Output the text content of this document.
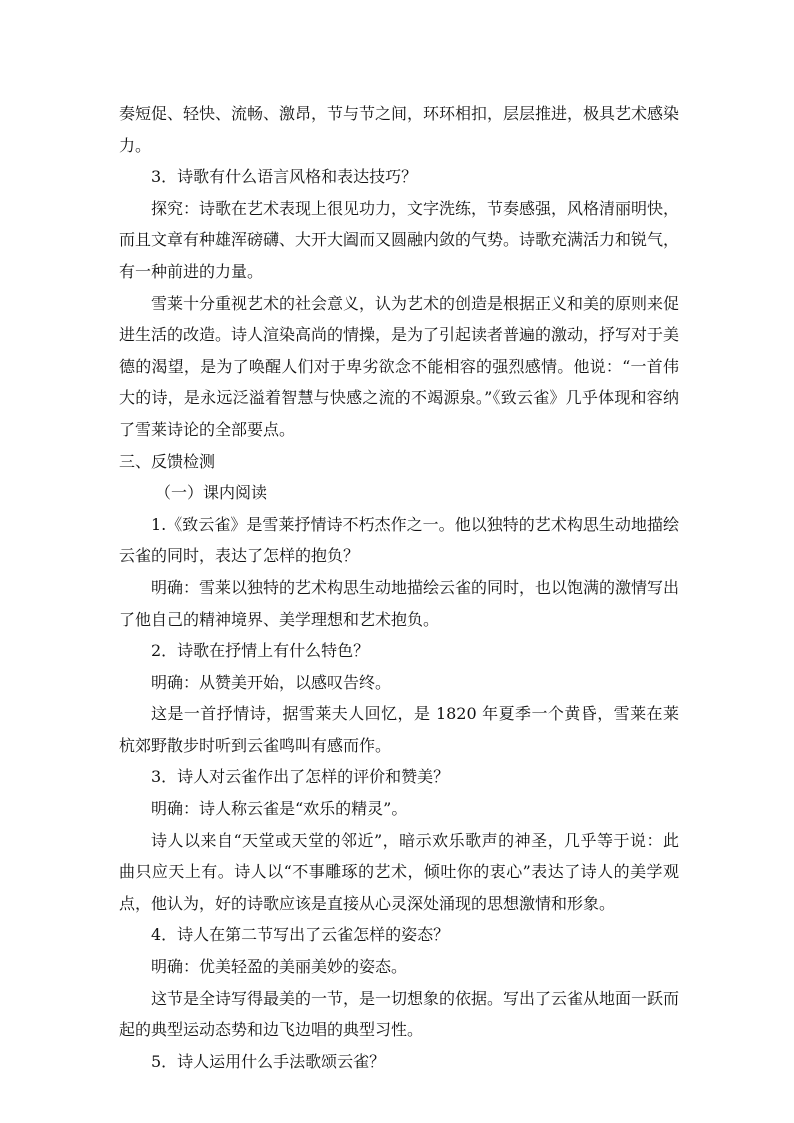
奏短促、轻快、流畅、激昂，节与节之间，环环相扣，层层推进，极具艺术感染力。

3．诗歌有什么语言风格和表达技巧？

探究：诗歌在艺术表现上很见功力，文字洗练，节奏感强，风格清丽明快，而且文章有种雄浑磅礴、大开大阖而又圆融内敛的气势。诗歌充满活力和锐气，有一种前进的力量。

雪莱十分重视艺术的社会意义，认为艺术的创造是根据正义和美的原则来促进生活的改造。诗人渲染高尚的情操，是为了引起读者普遍的激动，抒写对于美德的渴望，是为了唤醒人们对于卑劣欲念不能相容的强烈感情。他说：“一首伟大的诗，是永远泛溢着智慧与快感之流的不竭源泉。”《致云雀》几乎体现和容纳了雪莱诗论的全部要点。

三、反馈检测

（一）课内阅读

1.《致云雀》是雪莱抒情诗不朽杰作之一。他以独特的艺术构思生动地描绘云雀的同时，表达了怎样的抱负？

明确：雪莱以独特的艺术构思生动地描绘云雀的同时，也以饱满的激情写出了他自己的精神境界、美学理想和艺术抱负。

2．诗歌在抒情上有什么特色？

明确：从赞美开始，以感叹告终。

这是一首抒情诗，据雪莱夫人回忆，是 1820 年夏季一个黄昏，雪莱在莱杭郊野散步时听到云雀鸣叫有感而作。

3．诗人对云雀作出了怎样的评价和赞美？

明确：诗人称云雀是“欢乐的精灵”。

诗人以来自“天堂或天堂的邻近”，暗示欢乐歌声的神圣，几乎等于说：此曲只应天上有。诗人以“不事雕琢的艺术，倾吐你的衷心”表达了诗人的美学观点，他认为，好的诗歌应该是直接从心灵深处涌现的思想激情和形象。

4．诗人在第二节写出了云雀怎样的姿态？

明确：优美轻盈的美丽美妙的姿态。

这节是全诗写得最美的一节，是一切想象的依据。写出了云雀从地面一跃而起的典型运动态势和边飞边唱的典型习性。

5．诗人运用什么手法歌颂云雀？
